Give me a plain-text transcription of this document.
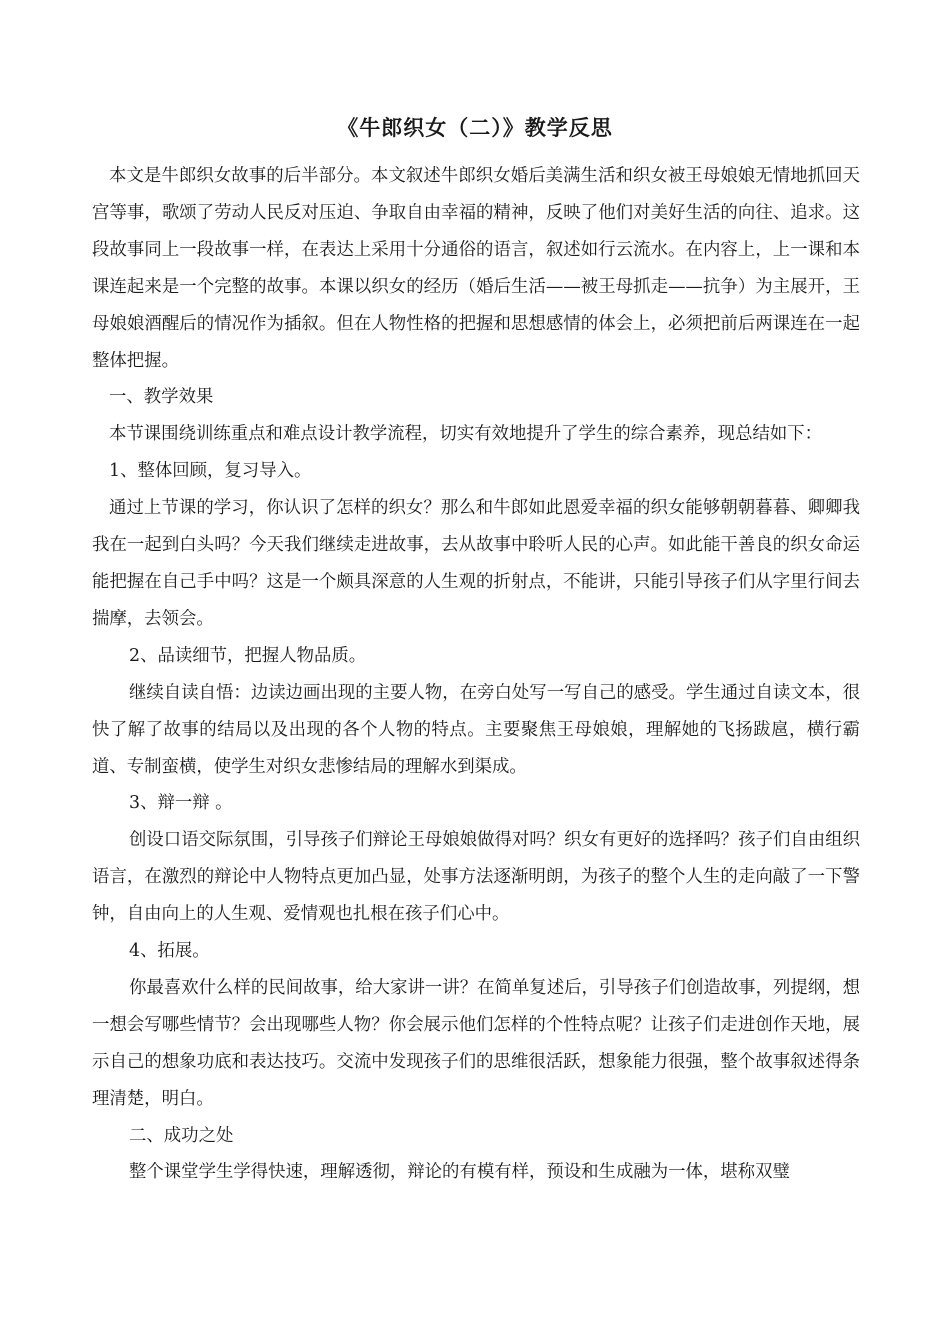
《牛郎织女（二）》教学反思

本文是牛郎织女故事的后半部分。本文叙述牛郎织女婚后美满生活和织女被王母娘娘无情地抓回天宫等事，歌颂了劳动人民反对压迫、争取自由幸福的精神，反映了他们对美好生活的向往、追求。这段故事同上一段故事一样，在表达上采用十分通俗的语言，叙述如行云流水。在内容上，上一课和本课连起来是一个完整的故事。本课以织女的经历（婚后生活——被王母抓走——抗争）为主展开，王母娘娘酒醒后的情况作为插叙。但在人物性格的把握和思想感情的体会上，必须把前后两课连在一起整体把握。

一、教学效果

本节课围绕训练重点和难点设计教学流程，切实有效地提升了学生的综合素养，现总结如下：

1、整体回顾，复习导入。

通过上节课的学习，你认识了怎样的织女？那么和牛郎如此恩爱幸福的织女能够朝朝暮暮、卿卿我我在一起到白头吗？今天我们继续走进故事，去从故事中聆听人民的心声。如此能干善良的织女命运能把握在自己手中吗？这是一个颇具深意的人生观的折射点，不能讲，只能引导孩子们从字里行间去揣摩，去领会。

2、品读细节，把握人物品质。

继续自读自悟：边读边画出现的主要人物，在旁白处写一写自己的感受。学生通过自读文本，很快了解了故事的结局以及出现的各个人物的特点。主要聚焦王母娘娘，理解她的飞扬跋扈，横行霸道、专制蛮横，使学生对织女悲惨结局的理解水到渠成。

3、辩一辩 。

创设口语交际氛围，引导孩子们辩论王母娘娘做得对吗？织女有更好的选择吗？孩子们自由组织语言，在激烈的辩论中人物特点更加凸显，处事方法逐渐明朗，为孩子的整个人生的走向敲了一下警钟，自由向上的人生观、爱情观也扎根在孩子们心中。

4、拓展。

你最喜欢什么样的民间故事，给大家讲一讲？在简单复述后，引导孩子们创造故事，列提纲，想一想会写哪些情节？会出现哪些人物？你会展示他们怎样的个性特点呢？让孩子们走进创作天地，展示自己的想象功底和表达技巧。交流中发现孩子们的思维很活跃，想象能力很强，整个故事叙述得条理清楚，明白。

二、成功之处

整个课堂学生学得快速，理解透彻，辩论的有模有样，预设和生成融为一体，堪称双璧
